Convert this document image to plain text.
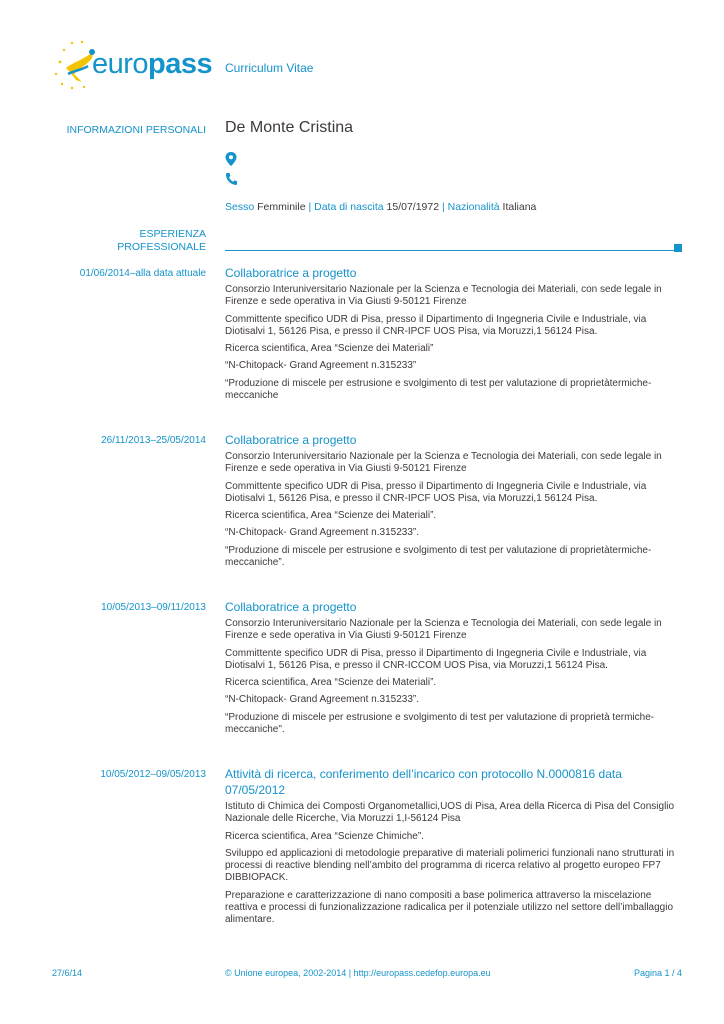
europass Curriculum Vitae
INFORMAZIONI PERSONALI De Monte Cristina
Sesso Femminile | Data di nascita 15/07/1972 | Nazionalità Italiana
ESPERIENZA
PROFESSIONALE
01/06/2014–alla data attuale Collaboratrice a progetto

Consorzio Interuniversitario Nazionale per la Scienza e Tecnologia dei Materiali, con sede legale in Firenze e sede operativa in Via Giusti 9-50121 Firenze

Committente specifico UDR di Pisa, presso il Dipartimento di Ingegneria Civile e Industriale, via Diotisalvi 1, 56126 Pisa, e presso il CNR-IPCF UOS Pisa, via Moruzzi,1 56124 Pisa.

Ricerca scientifica, Area “Scienze dei Materiali”

“N-Chitopack- Grand Agreement n.315233”

“Produzione di miscele per estrusione e svolgimento di test per valutazione di proprietàtermiche-meccaniche

26/11/2013–25/05/2014 Collaboratrice a progetto

Consorzio Interuniversitario Nazionale per la Scienza e Tecnologia dei Materiali, con sede legale in Firenze e sede operativa in Via Giusti 9-50121 Firenze

Committente specifico UDR di Pisa, presso il Dipartimento di Ingegneria Civile e Industriale, via Diotisalvi 1, 56126 Pisa, e presso il CNR-IPCF UOS Pisa, via Moruzzi,1 56124 Pisa.

Ricerca scientifica, Area “Scienze dei Materiali”.

“N-Chitopack- Grand Agreement n.315233”.

“Produzione di miscele per estrusione e svolgimento di test per valutazione di proprietàtermiche-meccaniche”.

10/05/2013–09/11/2013 Collaboratrice a progetto

Consorzio Interuniversitario Nazionale per la Scienza e Tecnologia dei Materiali, con sede legale in Firenze e sede operativa in Via Giusti 9-50121 Firenze

Committente specifico UDR di Pisa, presso il Dipartimento di Ingegneria Civile e Industriale, via Diotisalvi 1, 56126 Pisa, e presso il CNR-ICCOM UOS Pisa, via Moruzzi,1 56124 Pisa.

Ricerca scientifica, Area “Scienze dei Materiali”.

“N-Chitopack- Grand Agreement n.315233”.

“Produzione di miscele per estrusione e svolgimento di test per valutazione di proprietà termiche-meccaniche".

10/05/2012–09/05/2013 Attività di ricerca, conferimento dell’incarico con protocollo N.0000816 data 07/05/2012

Istituto di Chimica dei Composti Organometallici,UOS di Pisa, Area della Ricerca di Pisa del Consiglio Nazionale delle Ricerche, Via Moruzzi 1,I-56124 Pisa

Ricerca scientifica, Area “Scienze Chimiche”.

Sviluppo ed applicazioni di metodologie preparative di materiali polimerici funzionali nano strutturati in processi di reactive blending nell’ambito del programma di ricerca relativo al progetto europeo FP7 DIBBIOPACK.

Preparazione e caratterizzazione di nano compositi a base polimerica attraverso la miscelazione reattiva e processi di funzionalizzazione radicalica per il potenziale utilizzo nel settore dell’imballaggio alimentare.

27/6/14	© Unione europea, 2002-2014 | http://europass.cedefop.europa.eu	Pagina 1 / 4
